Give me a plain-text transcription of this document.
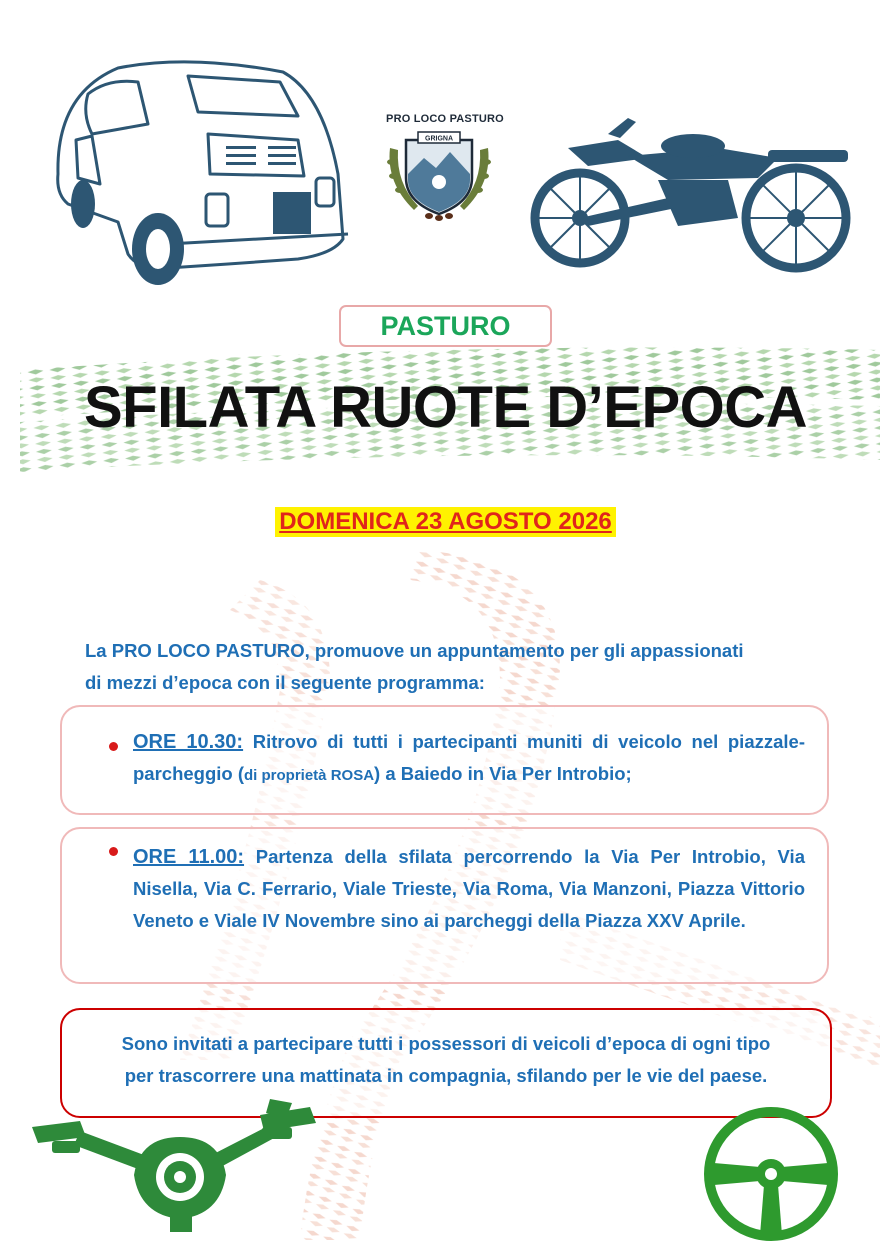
PRO LOCO PASTURO
GRIGNA
PASTURO
SFILATA RUOTE D’EPOCA
DOMENICA 23 AGOSTO 2026
La PRO LOCO PASTURO, promuove un appuntamento per gli appassionati
di mezzi d’epoca con il seguente programma:
ORE 10.30: Ritrovo di tutti i partecipanti muniti di veicolo nel piazzale-parcheggio (di proprietà ROSA) a Baiedo in Via Per Introbio;
ORE 11.00: Partenza della sfilata percorrendo la Via Per Introbio, Via Nisella, Via C. Ferrario, Viale Trieste, Via Roma, Via Manzoni, Piazza Vittorio Veneto e Viale IV Novembre sino ai parcheggi della Piazza XXV Aprile.
Sono invitati a partecipare tutti i possessori di veicoli d’epoca di ogni tipo
per trascorrere una mattinata in compagnia, sfilando per le vie del paese.
